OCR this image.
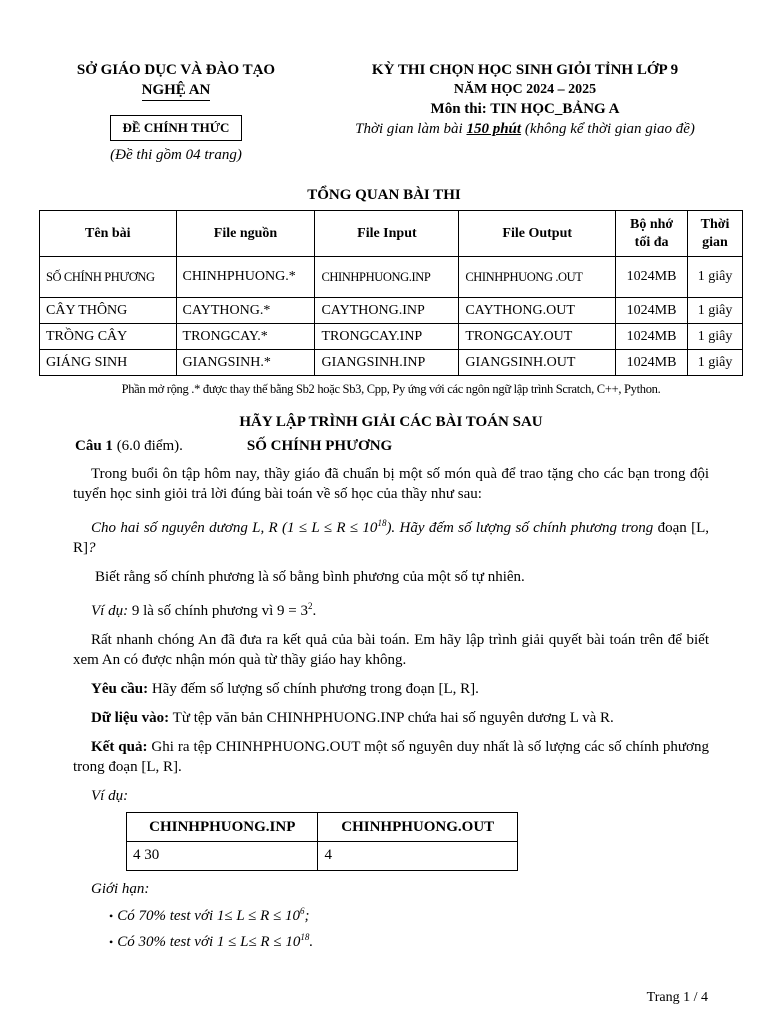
SỞ GIÁO DỤC VÀ ĐÀO TẠO
NGHỆ AN
ĐỀ CHÍNH THỨC
(Đề thi gồm 04 trang)
KỲ THI CHỌN HỌC SINH GIỎI TỈNH LỚP 9
NĂM HỌC 2024 – 2025
Môn thi: TIN HỌC_BẢNG A
Thời gian làm bài 150 phút (không kể thời gian giao đề)
TỔNG QUAN BÀI THI
Tên bài	File nguồn	File Input	File Output	Bộ nhớ tối đa	Thời gian
SỐ CHÍNH PHƯƠNG	CHINHPHUONG.*	CHINHPHUONG.INP	CHINHPHUONG .OUT	1024MB	1 giây
CÂY THÔNG	CAYTHONG.*	CAYTHONG.INP	CAYTHONG.OUT	1024MB	1 giây
TRỒNG CÂY	TRONGCAY.*	TRONGCAY.INP	TRONGCAY.OUT	1024MB	1 giây
GIÁNG SINH	GIANGSINH.*	GIANGSINH.INP	GIANGSINH.OUT	1024MB	1 giây
Phần mở rộng .* được thay thế bằng Sb2 hoặc Sb3, Cpp, Py ứng với các ngôn ngữ lập trình Scratch, C++, Python.
HÃY LẬP TRÌNH GIẢI CÁC BÀI TOÁN SAU
Câu 1 (6.0 điểm).	SỐ CHÍNH PHƯƠNG

Trong buổi ôn tập hôm nay, thầy giáo đã chuẩn bị một số món quà để trao tặng cho các bạn trong đội tuyển học sinh giỏi trả lời đúng bài toán về số học của thầy như sau:

Cho hai số nguyên dương L, R $(1 \le L \le R \le 10^{18})$. Hãy đếm số lượng số chính phương trong đoạn [L, R]?

Biết rằng số chính phương là số bằng bình phương của một số tự nhiên.

Ví dụ: 9 là số chính phương vì $9 = 3^2$.

Rất nhanh chóng An đã đưa ra kết quả của bài toán. Em hãy lập trình giải quyết bài toán trên để biết xem An có được nhận món quà từ thầy giáo hay không.

Yêu cầu: Hãy đếm số lượng số chính phương trong đoạn [L, R].

Dữ liệu vào: Từ tệp văn bản CHINHPHUONG.INP chứa hai số nguyên dương L và R.

Kết quả: Ghi ra tệp CHINHPHUONG.OUT một số nguyên duy nhất là số lượng các số chính phương trong đoạn [L, R].

Ví dụ:
CHINHPHUONG.INP	CHINHPHUONG.OUT
4 30	4
Giới hạn:
• Có 70% test với $1\le L \le R \le 10^6$;
• Có 30% test với $1 \le L\le R \le 10^{18}$.
Trang 1 / 4
